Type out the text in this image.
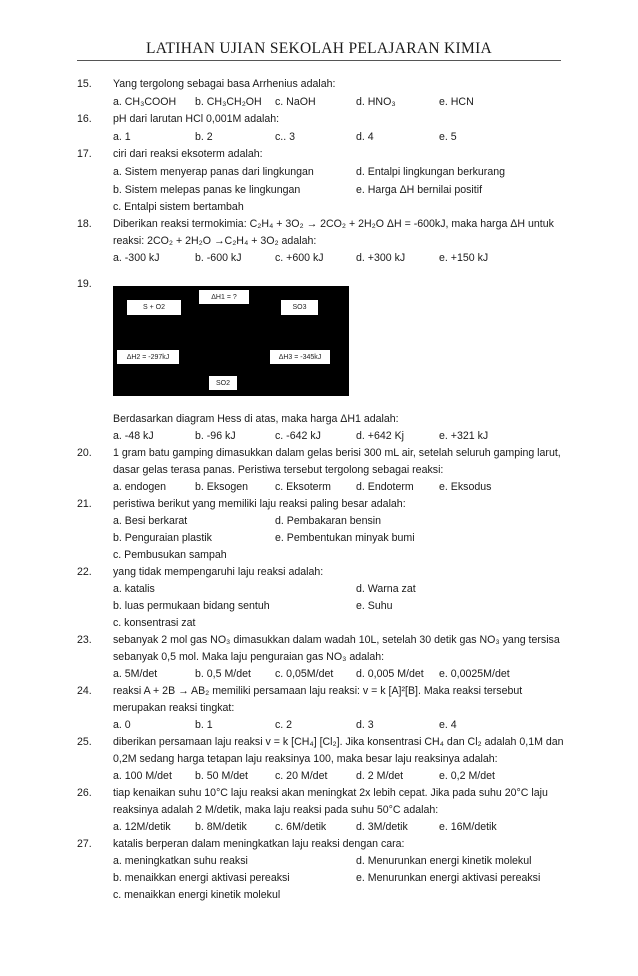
LATIHAN UJIAN SEKOLAH PELAJARAN KIMIA
15. Yang tergolong sebagai basa Arrhenius adalah:
a. CH₃COOH b. CH₃CH₂OH c. NaOH	d. HNO₃	e. HCN
16. pH dari larutan HCl 0,001M adalah:
a. 1	b. 2	c.. 3	d. 4	e. 5
17. ciri dari reaksi eksoterm adalah:
a. Sistem menyerap panas dari lingkungan	d. Entalpi lingkungan berkurang
b. Sistem melepas panas ke lingkungan	e. Harga ΔH bernilai positif
c. Entalpi sistem bertambah
18. Diberikan reaksi termokimia: C₂H₄ + 3O₂ → 2CO₂ + 2H₂O ΔH = -600kJ, maka harga ΔH untuk
reaksi: 2CO₂ + 2H₂O →C₂H₄ + 3O₂ adalah:
a. -300 kJ	b. -600 kJ	c. +600 kJ	d. +300 kJ	e. +150 kJ
19.
S + O2
ΔH1 = ?
SO3
ΔH2 = -297kJ	ΔH3 = -345kJ
SO2
Berdasarkan diagram Hess di atas, maka harga ΔH1 adalah:
a. -48 kJ	b. -96 kJ	c. -642 kJ	d. +642 Kj	e. +321 kJ
20. 1 gram batu gamping dimasukkan dalam gelas berisi 300 mL air, setelah seluruh gamping larut,
dasar gelas terasa panas. Peristiwa tersebut tergolong sebagai reaksi:
a. endogen	b. Eksogen	c. Eksoterm d. Endoterm e. Eksodus
21. peristiwa berikut yang memiliki laju reaksi paling besar adalah:
a. Besi berkarat	d. Pembakaran bensin
b. Penguraian plastik	e. Pembentukan minyak bumi
c. Pembusukan sampah
22. yang tidak mempengaruhi laju reaksi adalah:
a. katalis	d. Warna zat
b. luas permukaan bidang sentuh	e. Suhu
c. konsentrasi zat
23. sebanyak 2 mol gas NO₃ dimasukkan dalam wadah 10L, setelah 30 detik gas NO₃ yang tersisa
sebanyak 0,5 mol. Maka laju penguraian gas NO₃ adalah:
a. 5M/det	b. 0,5 M/det c. 0,05M/det d. 0,005 M/det e. 0,0025M/det
24. reaksi A + 2B → AB₂ memiliki persamaan laju reaksi: v = k [A]²[B]. Maka reaksi tersebut
merupakan reaksi tingkat:
a. 0	b. 1	c. 2	d. 3	e. 4
25. diberikan persamaan laju reaksi v = k [CH₄] [Cl₂]. Jika konsentrasi CH₄ dan Cl₂ adalah 0,1M dan
0,2M sedang harga tetapan laju reaksinya 100, maka besar laju reaksinya adalah:
a. 100 M/det b. 50 M/det	c. 20 M/det	d. 2 M/det	e. 0,2 M/det
26. tiap kenaikan suhu 10°C laju reaksi akan meningkat 2x lebih cepat. Jika pada suhu 20°C laju
reaksinya adalah 2 M/detik, maka laju reaksi pada suhu 50°C adalah:
a. 12M/detik b. 8M/detik	c. 6M/detik	d. 3M/detik	e. 16M/detik
27. katalis berperan dalam meningkatkan laju reaksi dengan cara:
a. meningkatkan suhu reaksi	d. Menurunkan energi kinetik molekul
b. menaikkan energi aktivasi pereaksi	e. Menurunkan energi aktivasi pereaksi
c. menaikkan energi kinetik molekul
